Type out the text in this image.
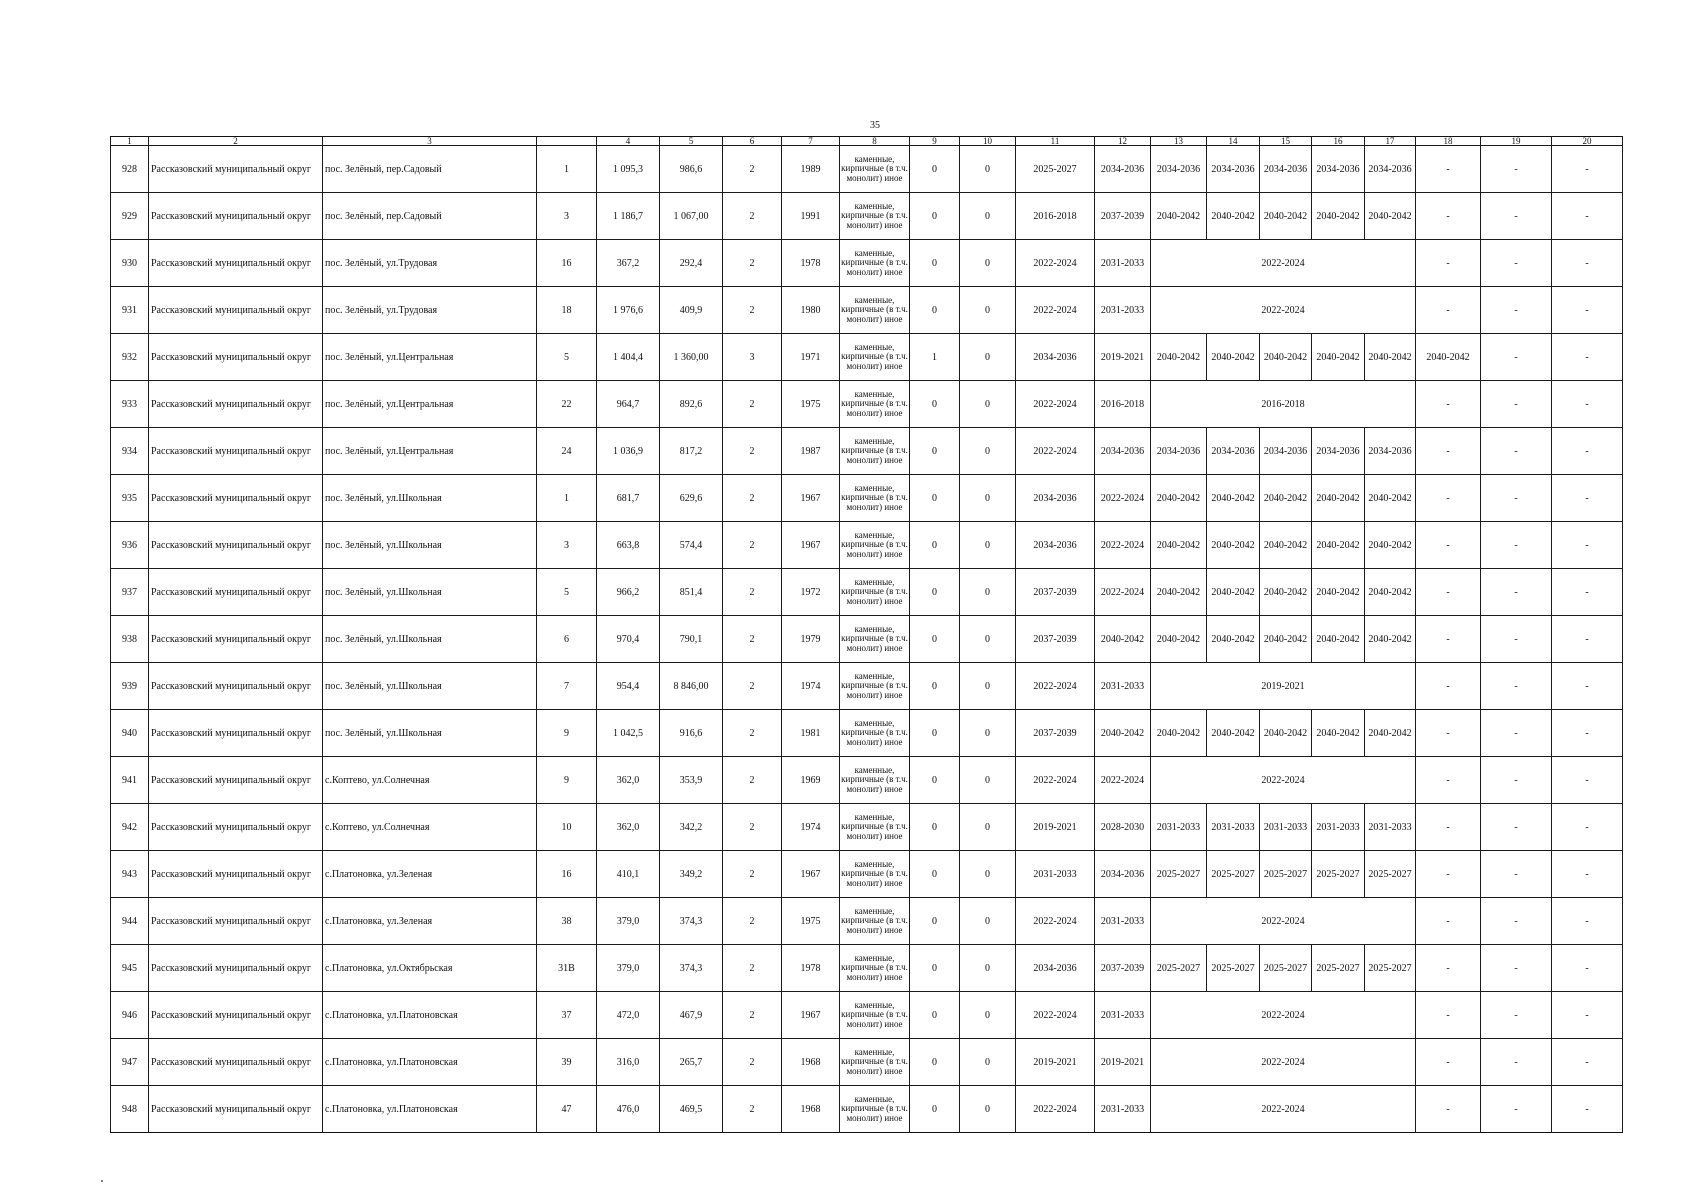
35
1	2	3		4	5	6	7	8	9	10	11	12	13	14	15	16	17	18	19	20
928	Рассказовский муниципальный округ	пос. Зелёный, пер.Садовый	1	1 095,3	986,6	2	1989	каменные, кирпичные (в т.ч. монолит) иное	0	0	2025-2027	2034-2036	2034-2036	2034-2036	2034-2036	2034-2036	2034-2036	-	-	-
929	Рассказовский муниципальный округ	пос. Зелёный, пер.Садовый	3	1 186,7	1 067,00	2	1991	каменные, кирпичные (в т.ч. монолит) иное	0	0	2016-2018	2037-2039	2040-2042	2040-2042	2040-2042	2040-2042	2040-2042	-	-	-
930	Рассказовский муниципальный округ	пос. Зелёный, ул.Трудовая	16	367,2	292,4	2	1978	каменные, кирпичные (в т.ч. монолит) иное	0	0	2022-2024	2031-2033	2022-2024					-	-	-
931	Рассказовский муниципальный округ	пос. Зелёный, ул.Трудовая	18	1 976,6	409,9	2	1980	каменные, кирпичные (в т.ч. монолит) иное	0	0	2022-2024	2031-2033	2022-2024					-	-	-
932	Рассказовский муниципальный округ	пос. Зелёный, ул.Центральная	5	1 404,4	1 360,00	3	1971	каменные, кирпичные (в т.ч. монолит) иное	1	0	2034-2036	2019-2021	2040-2042	2040-2042	2040-2042	2040-2042	2040-2042	2040-2042	-	-
933	Рассказовский муниципальный округ	пос. Зелёный, ул.Центральная	22	964,7	892,6	2	1975	каменные, кирпичные (в т.ч. монолит) иное	0	0	2022-2024	2016-2018	2016-2018					-	-	-
934	Рассказовский муниципальный округ	пос. Зелёный, ул.Центральная	24	1 036,9	817,2	2	1987	каменные, кирпичные (в т.ч. монолит) иное	0	0	2022-2024	2034-2036	2034-2036	2034-2036	2034-2036	2034-2036	2034-2036	-	-	-
935	Рассказовский муниципальный округ	пос. Зелёный, ул.Школьная	1	681,7	629,6	2	1967	каменные, кирпичные (в т.ч. монолит) иное	0	0	2034-2036	2022-2024	2040-2042	2040-2042	2040-2042	2040-2042	2040-2042	-	-	-
936	Рассказовский муниципальный округ	пос. Зелёный, ул.Школьная	3	663,8	574,4	2	1967	каменные, кирпичные (в т.ч. монолит) иное	0	0	2034-2036	2022-2024	2040-2042	2040-2042	2040-2042	2040-2042	2040-2042	-	-	-
937	Рассказовский муниципальный округ	пос. Зелёный, ул.Школьная	5	966,2	851,4	2	1972	каменные, кирпичные (в т.ч. монолит) иное	0	0	2037-2039	2022-2024	2040-2042	2040-2042	2040-2042	2040-2042	2040-2042	-	-	-
938	Рассказовский муниципальный округ	пос. Зелёный, ул.Школьная	6	970,4	790,1	2	1979	каменные, кирпичные (в т.ч. монолит) иное	0	0	2037-2039	2040-2042	2040-2042	2040-2042	2040-2042	2040-2042	2040-2042	-	-	-
939	Рассказовский муниципальный округ	пос. Зелёный, ул.Школьная	7	954,4	8 846,00	2	1974	каменные, кирпичные (в т.ч. монолит) иное	0	0	2022-2024	2031-2033	2019-2021					-	-	-
940	Рассказовский муниципальный округ	пос. Зелёный, ул.Школьная	9	1 042,5	916,6	2	1981	каменные, кирпичные (в т.ч. монолит) иное	0	0	2037-2039	2040-2042	2040-2042	2040-2042	2040-2042	2040-2042	2040-2042	-	-	-
941	Рассказовский муниципальный округ	с.Коптево, ул.Солнечная	9	362,0	353,9	2	1969	каменные, кирпичные (в т.ч. монолит) иное	0	0	2022-2024	2022-2024	2022-2024					-	-	-
942	Рассказовский муниципальный округ	с.Коптево, ул.Солнечная	10	362,0	342,2	2	1974	каменные, кирпичные (в т.ч. монолит) иное	0	0	2019-2021	2028-2030	2031-2033	2031-2033	2031-2033	2031-2033	2031-2033	-	-	-
943	Рассказовский муниципальный округ	с.Платоновка, ул.Зеленая	16	410,1	349,2	2	1967	каменные, кирпичные (в т.ч. монолит) иное	0	0	2031-2033	2034-2036	2025-2027	2025-2027	2025-2027	2025-2027	2025-2027	-	-	-
944	Рассказовский муниципальный округ	с.Платоновка, ул.Зеленая	38	379,0	374,3	2	1975	каменные, кирпичные (в т.ч. монолит) иное	0	0	2022-2024	2031-2033	2022-2024					-	-	-
945	Рассказовский муниципальный округ	с.Платоновка, ул.Октябрьская	31В	379,0	374,3	2	1978	каменные, кирпичные (в т.ч. монолит) иное	0	0	2034-2036	2037-2039	2025-2027	2025-2027	2025-2027	2025-2027	2025-2027	-	-	-
946	Рассказовский муниципальный округ	с.Платоновка, ул.Платоновская	37	472,0	467,9	2	1967	каменные, кирпичные (в т.ч. монолит) иное	0	0	2022-2024	2031-2033	2022-2024					-	-	-
947	Рассказовский муниципальный округ	с.Платоновка, ул.Платоновская	39	316,0	265,7	2	1968	каменные, кирпичные (в т.ч. монолит) иное	0	0	2019-2021	2019-2021	2022-2024					-	-	-
948	Рассказовский муниципальный округ	с.Платоновка, ул.Платоновская	47	476,0	469,5	2	1968	каменные, кирпичные (в т.ч. монолит) иное	0	0	2022-2024	2031-2033	2022-2024					-	-	-
